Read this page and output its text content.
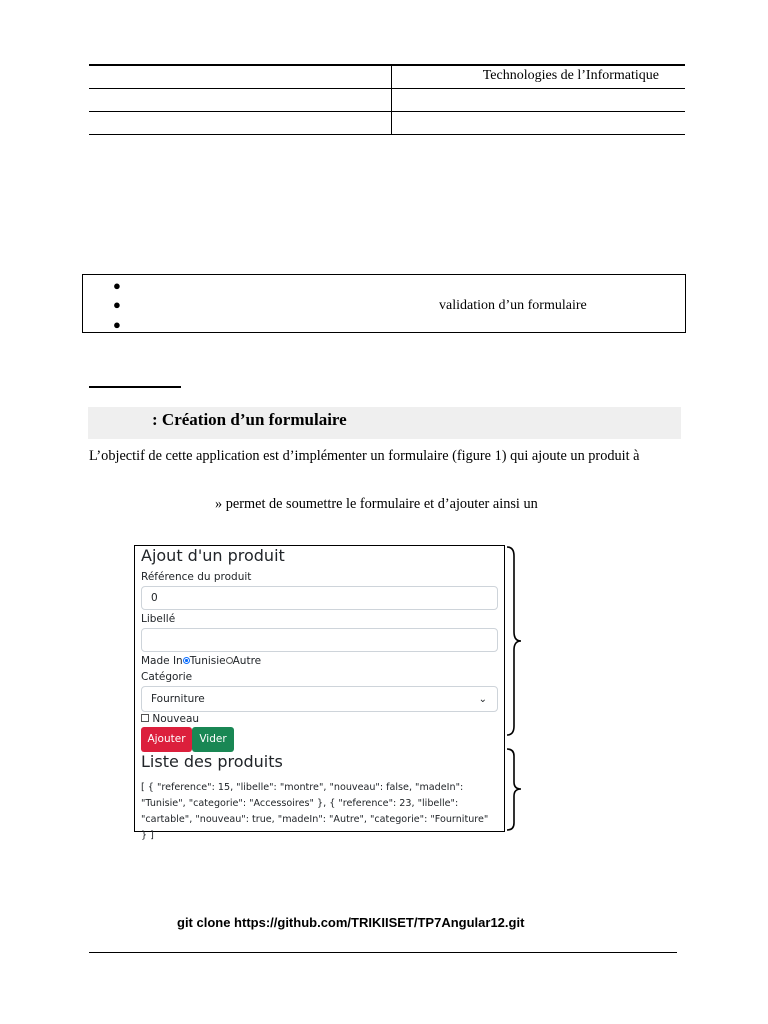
Technologies de l’Informatique
●
●	validation d’un formulaire
●
: Création d’un formulaire
L’objectif de cette application est d’implémenter un formulaire (figure 1) qui ajoute un produit à
» permet de soumettre le formulaire et d’ajouter ainsi un
Ajout d'un produit
Référence du produit
0
Libellé
Made In Tunisie Autre
Catégorie
Fourniture	⌄
Nouveau
Ajouter	Vider
Liste des produits
[ { "reference": 15, "libelle": "montre", "nouveau": false, "madeIn": "Tunisie", "categorie": "Accessoires" }, { "reference": 23, "libelle": "cartable", "nouveau": true, "madeIn": "Autre", "categorie": "Fourniture" } ]
git clone https://github.com/TRIKIISET/TP7Angular12.git
